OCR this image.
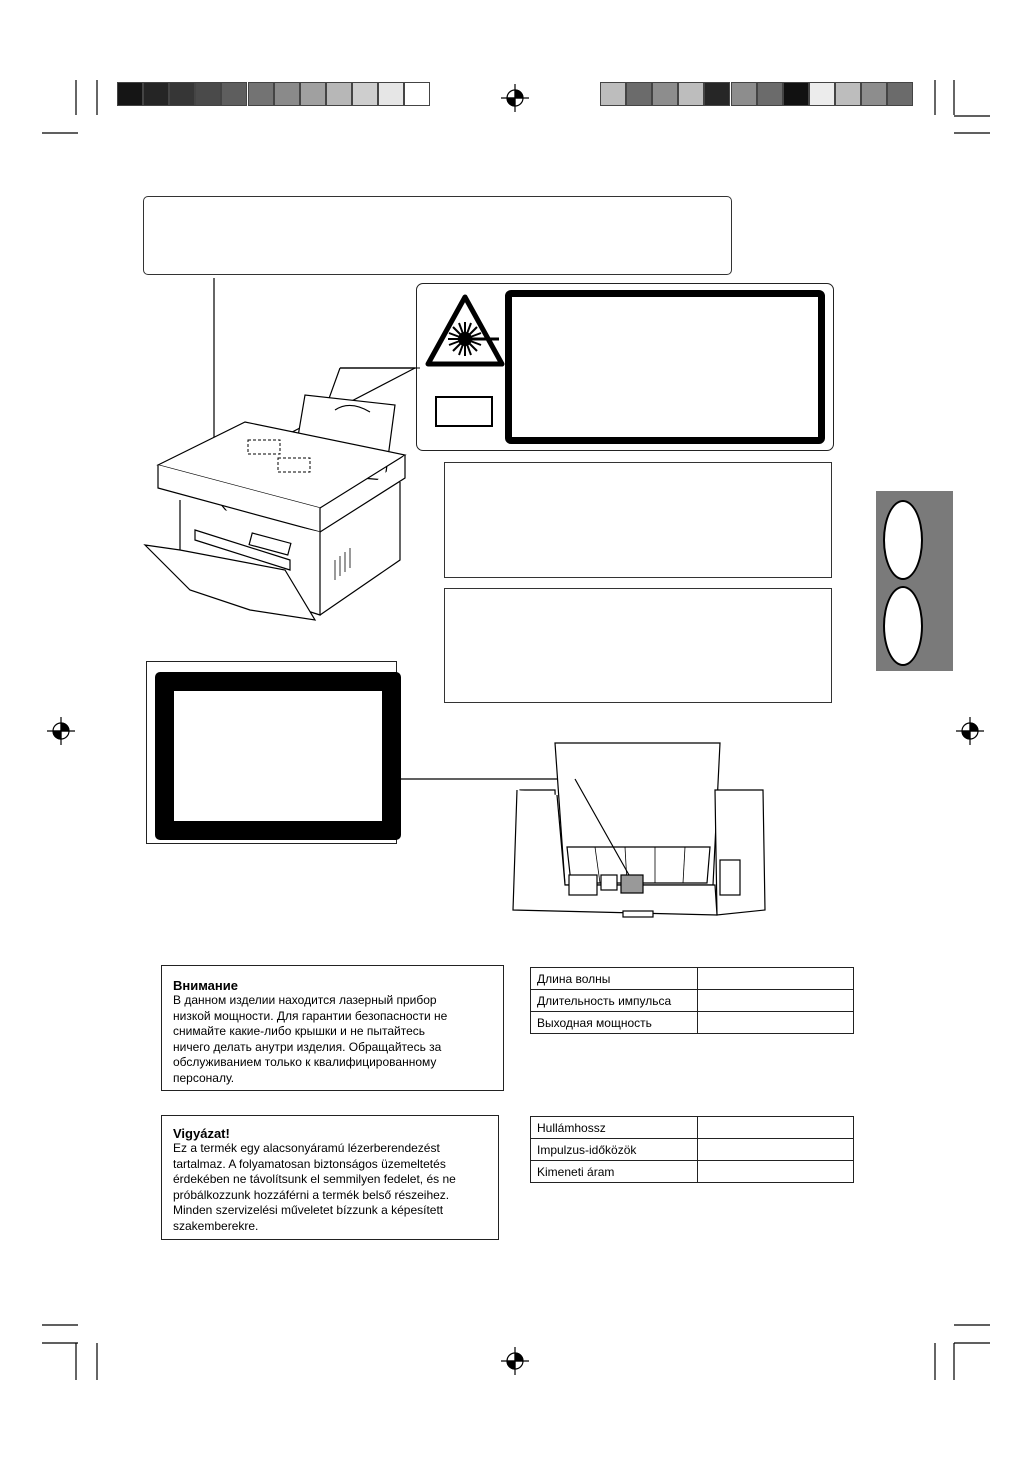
Внимание
В данном изделии находится лазерный прибор
низкой мощности. Для гарантии безопасности не
снимайте какие-либо крышки и не пытайтесь
ничего делать анутри изделия. Обращайтесь за
обслуживанием только к квалифицированному
персоналу.
Длина волны	
Длительность импульса	
Выходная мощность	
Vigyázat!
Ez a termék egy alacsonyáramú lézerberendezést
tartalmaz. A folyamatosan biztonságos üzemeltetés
érdekében ne távolítsunk el semmilyen fedelet, és ne
próbálkozzunk hozzáférni a termék belső részeihez.
Minden szervizelési műveletet bízzunk a képesített
szakemberekre.
Hullámhossz	
Impulzus-időközök	
Kimeneti áram	
